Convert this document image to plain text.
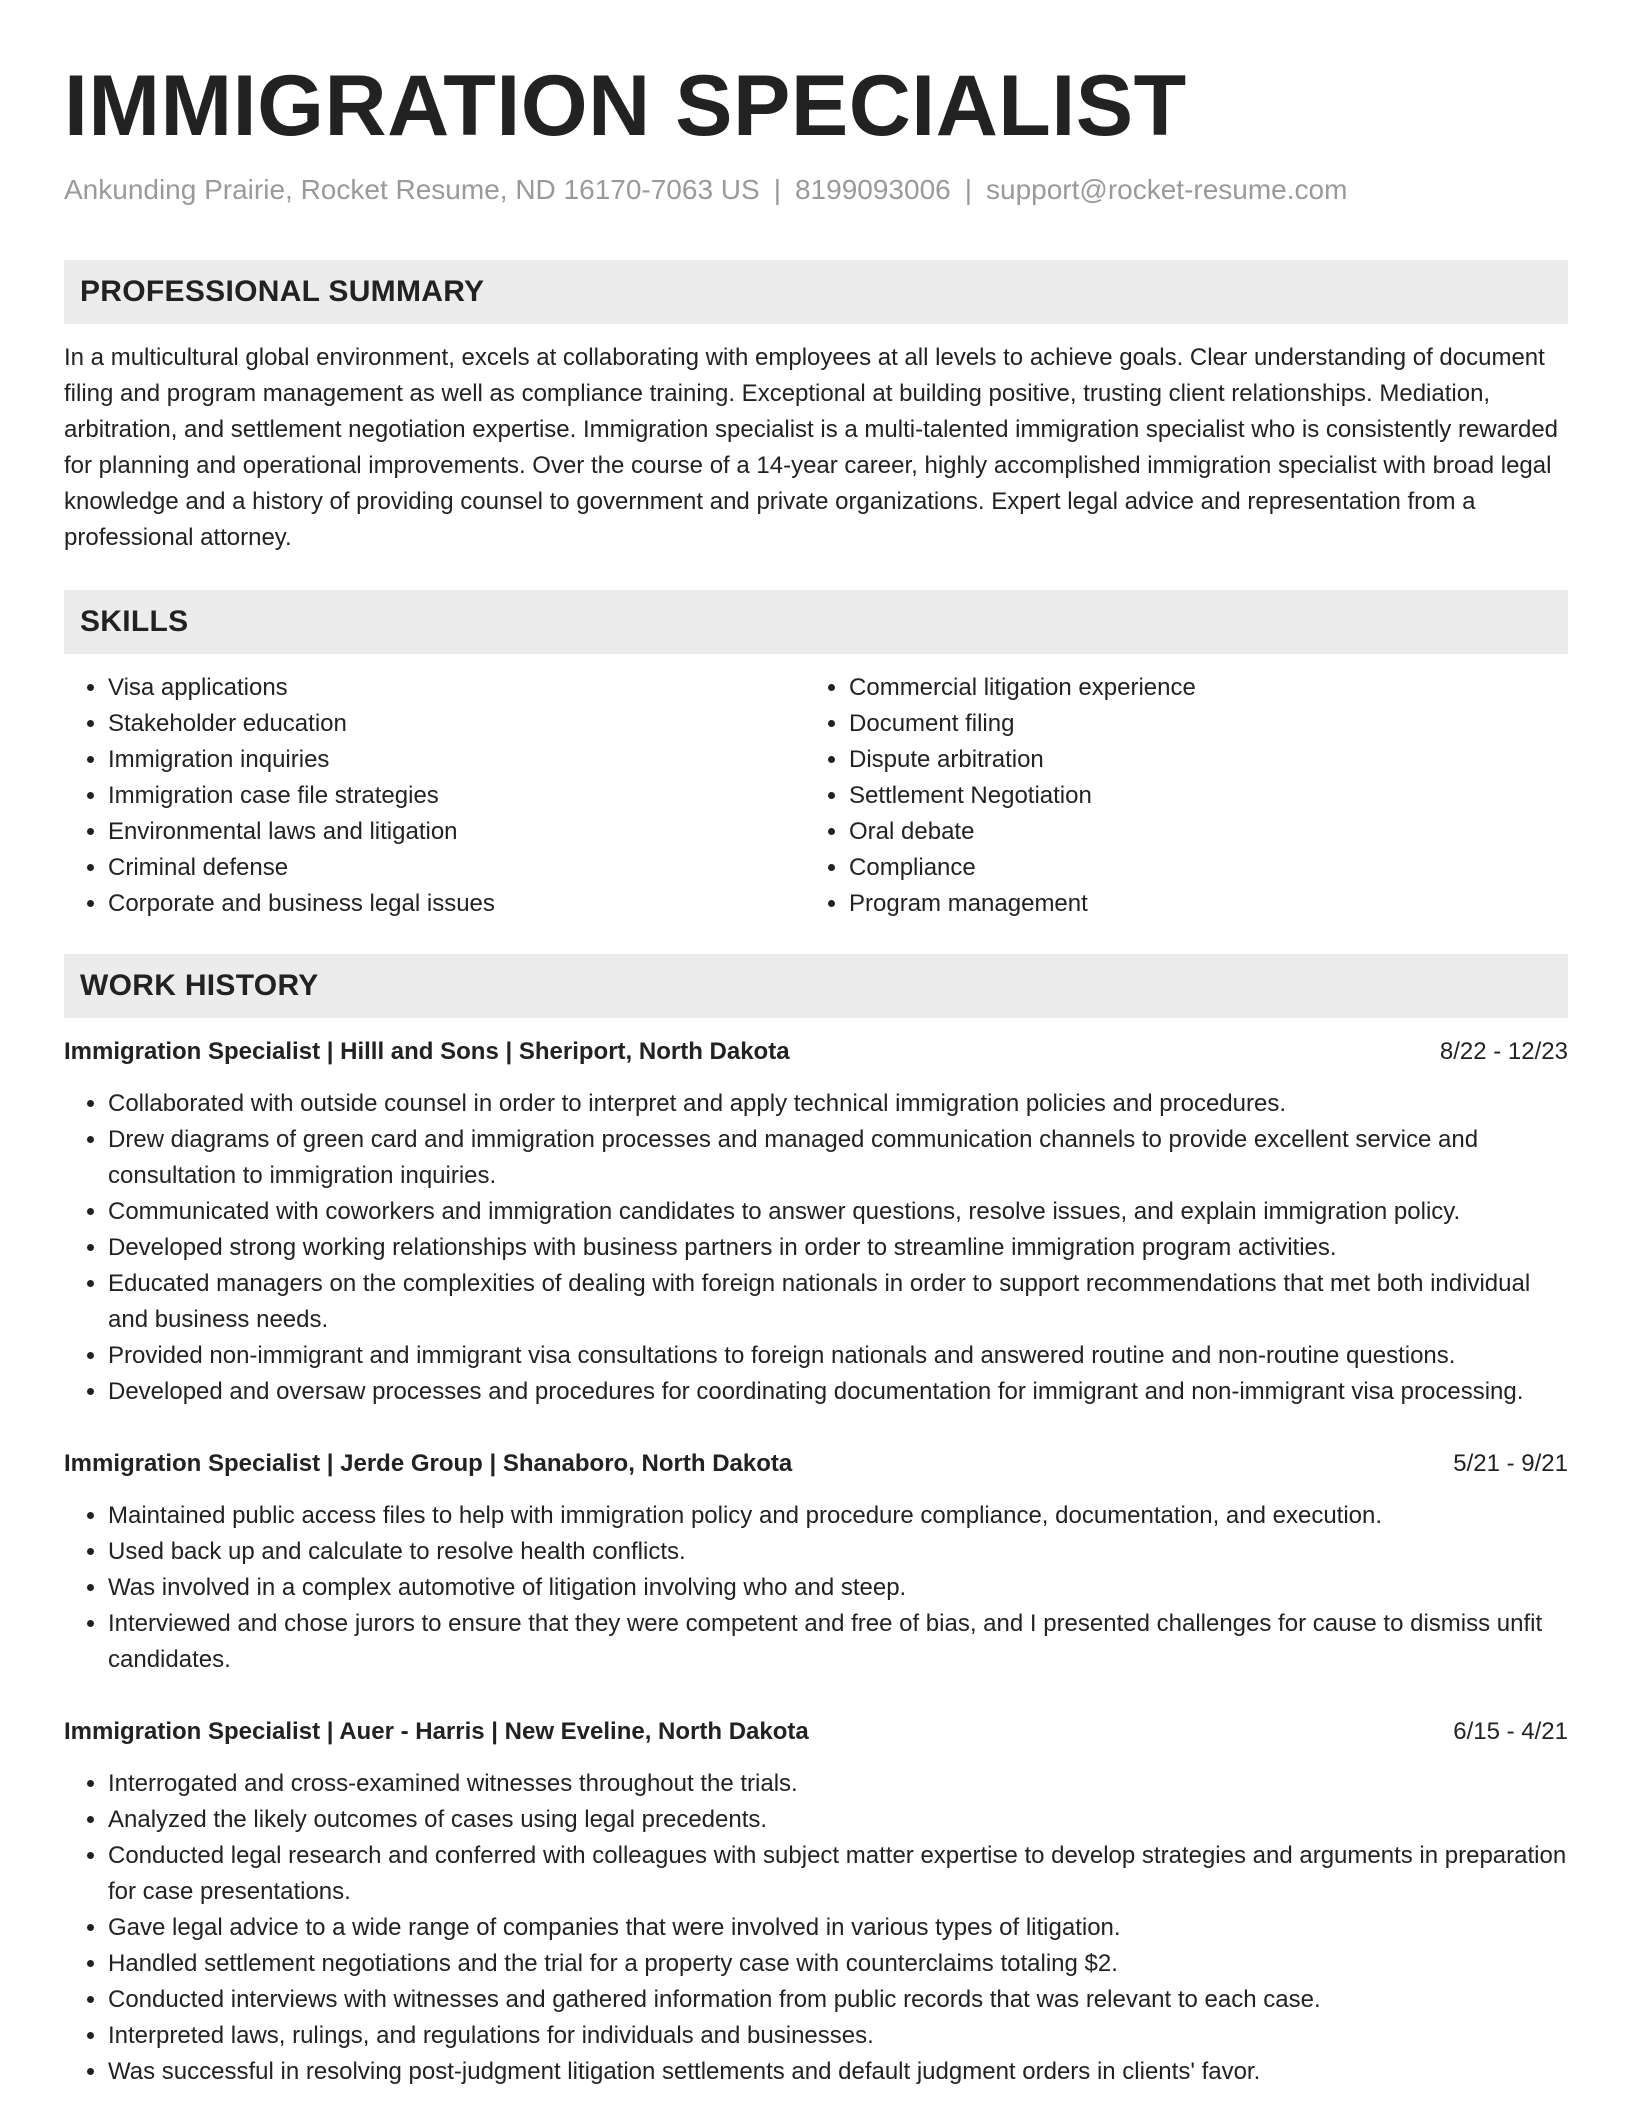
IMMIGRATION SPECIALIST
Ankunding Prairie, Rocket Resume, ND 16170-7063 US | 8199093006 | support@rocket-resume.com
PROFESSIONAL SUMMARY
In a multicultural global environment, excels at collaborating with employees at all levels to achieve goals. Clear understanding of document filing and program management as well as compliance training. Exceptional at building positive, trusting client relationships. Mediation, arbitration, and settlement negotiation expertise. Immigration specialist is a multi-talented immigration specialist who is consistently rewarded for planning and operational improvements. Over the course of a 14-year career, highly accomplished immigration specialist with broad legal knowledge and a history of providing counsel to government and private organizations. Expert legal advice and representation from a professional attorney.
SKILLS
• Visa applications
• Stakeholder education
• Immigration inquiries
• Immigration case file strategies
• Environmental laws and litigation
• Criminal defense
• Corporate and business legal issues
• Commercial litigation experience
• Document filing
• Dispute arbitration
• Settlement Negotiation
• Oral debate
• Compliance
• Program management
WORK HISTORY
Immigration Specialist | Hilll and Sons | Sheriport, North Dakota	8/22 - 12/23
• Collaborated with outside counsel in order to interpret and apply technical immigration policies and procedures.
• Drew diagrams of green card and immigration processes and managed communication channels to provide excellent service and consultation to immigration inquiries.
• Communicated with coworkers and immigration candidates to answer questions, resolve issues, and explain immigration policy.
• Developed strong working relationships with business partners in order to streamline immigration program activities.
• Educated managers on the complexities of dealing with foreign nationals in order to support recommendations that met both individual and business needs.
• Provided non-immigrant and immigrant visa consultations to foreign nationals and answered routine and non-routine questions.
• Developed and oversaw processes and procedures for coordinating documentation for immigrant and non-immigrant visa processing.
Immigration Specialist | Jerde Group | Shanaboro, North Dakota	5/21 - 9/21
• Maintained public access files to help with immigration policy and procedure compliance, documentation, and execution.
• Used back up and calculate to resolve health conflicts.
• Was involved in a complex automotive of litigation involving who and steep.
• Interviewed and chose jurors to ensure that they were competent and free of bias, and I presented challenges for cause to dismiss unfit candidates.
Immigration Specialist | Auer - Harris | New Eveline, North Dakota	6/15 - 4/21
• Interrogated and cross-examined witnesses throughout the trials.
• Analyzed the likely outcomes of cases using legal precedents.
• Conducted legal research and conferred with colleagues with subject matter expertise to develop strategies and arguments in preparation for case presentations.
• Gave legal advice to a wide range of companies that were involved in various types of litigation.
• Handled settlement negotiations and the trial for a property case with counterclaims totaling $2.
• Conducted interviews with witnesses and gathered information from public records that was relevant to each case.
• Interpreted laws, rulings, and regulations for individuals and businesses.
• Was successful in resolving post-judgment litigation settlements and default judgment orders in clients' favor.
